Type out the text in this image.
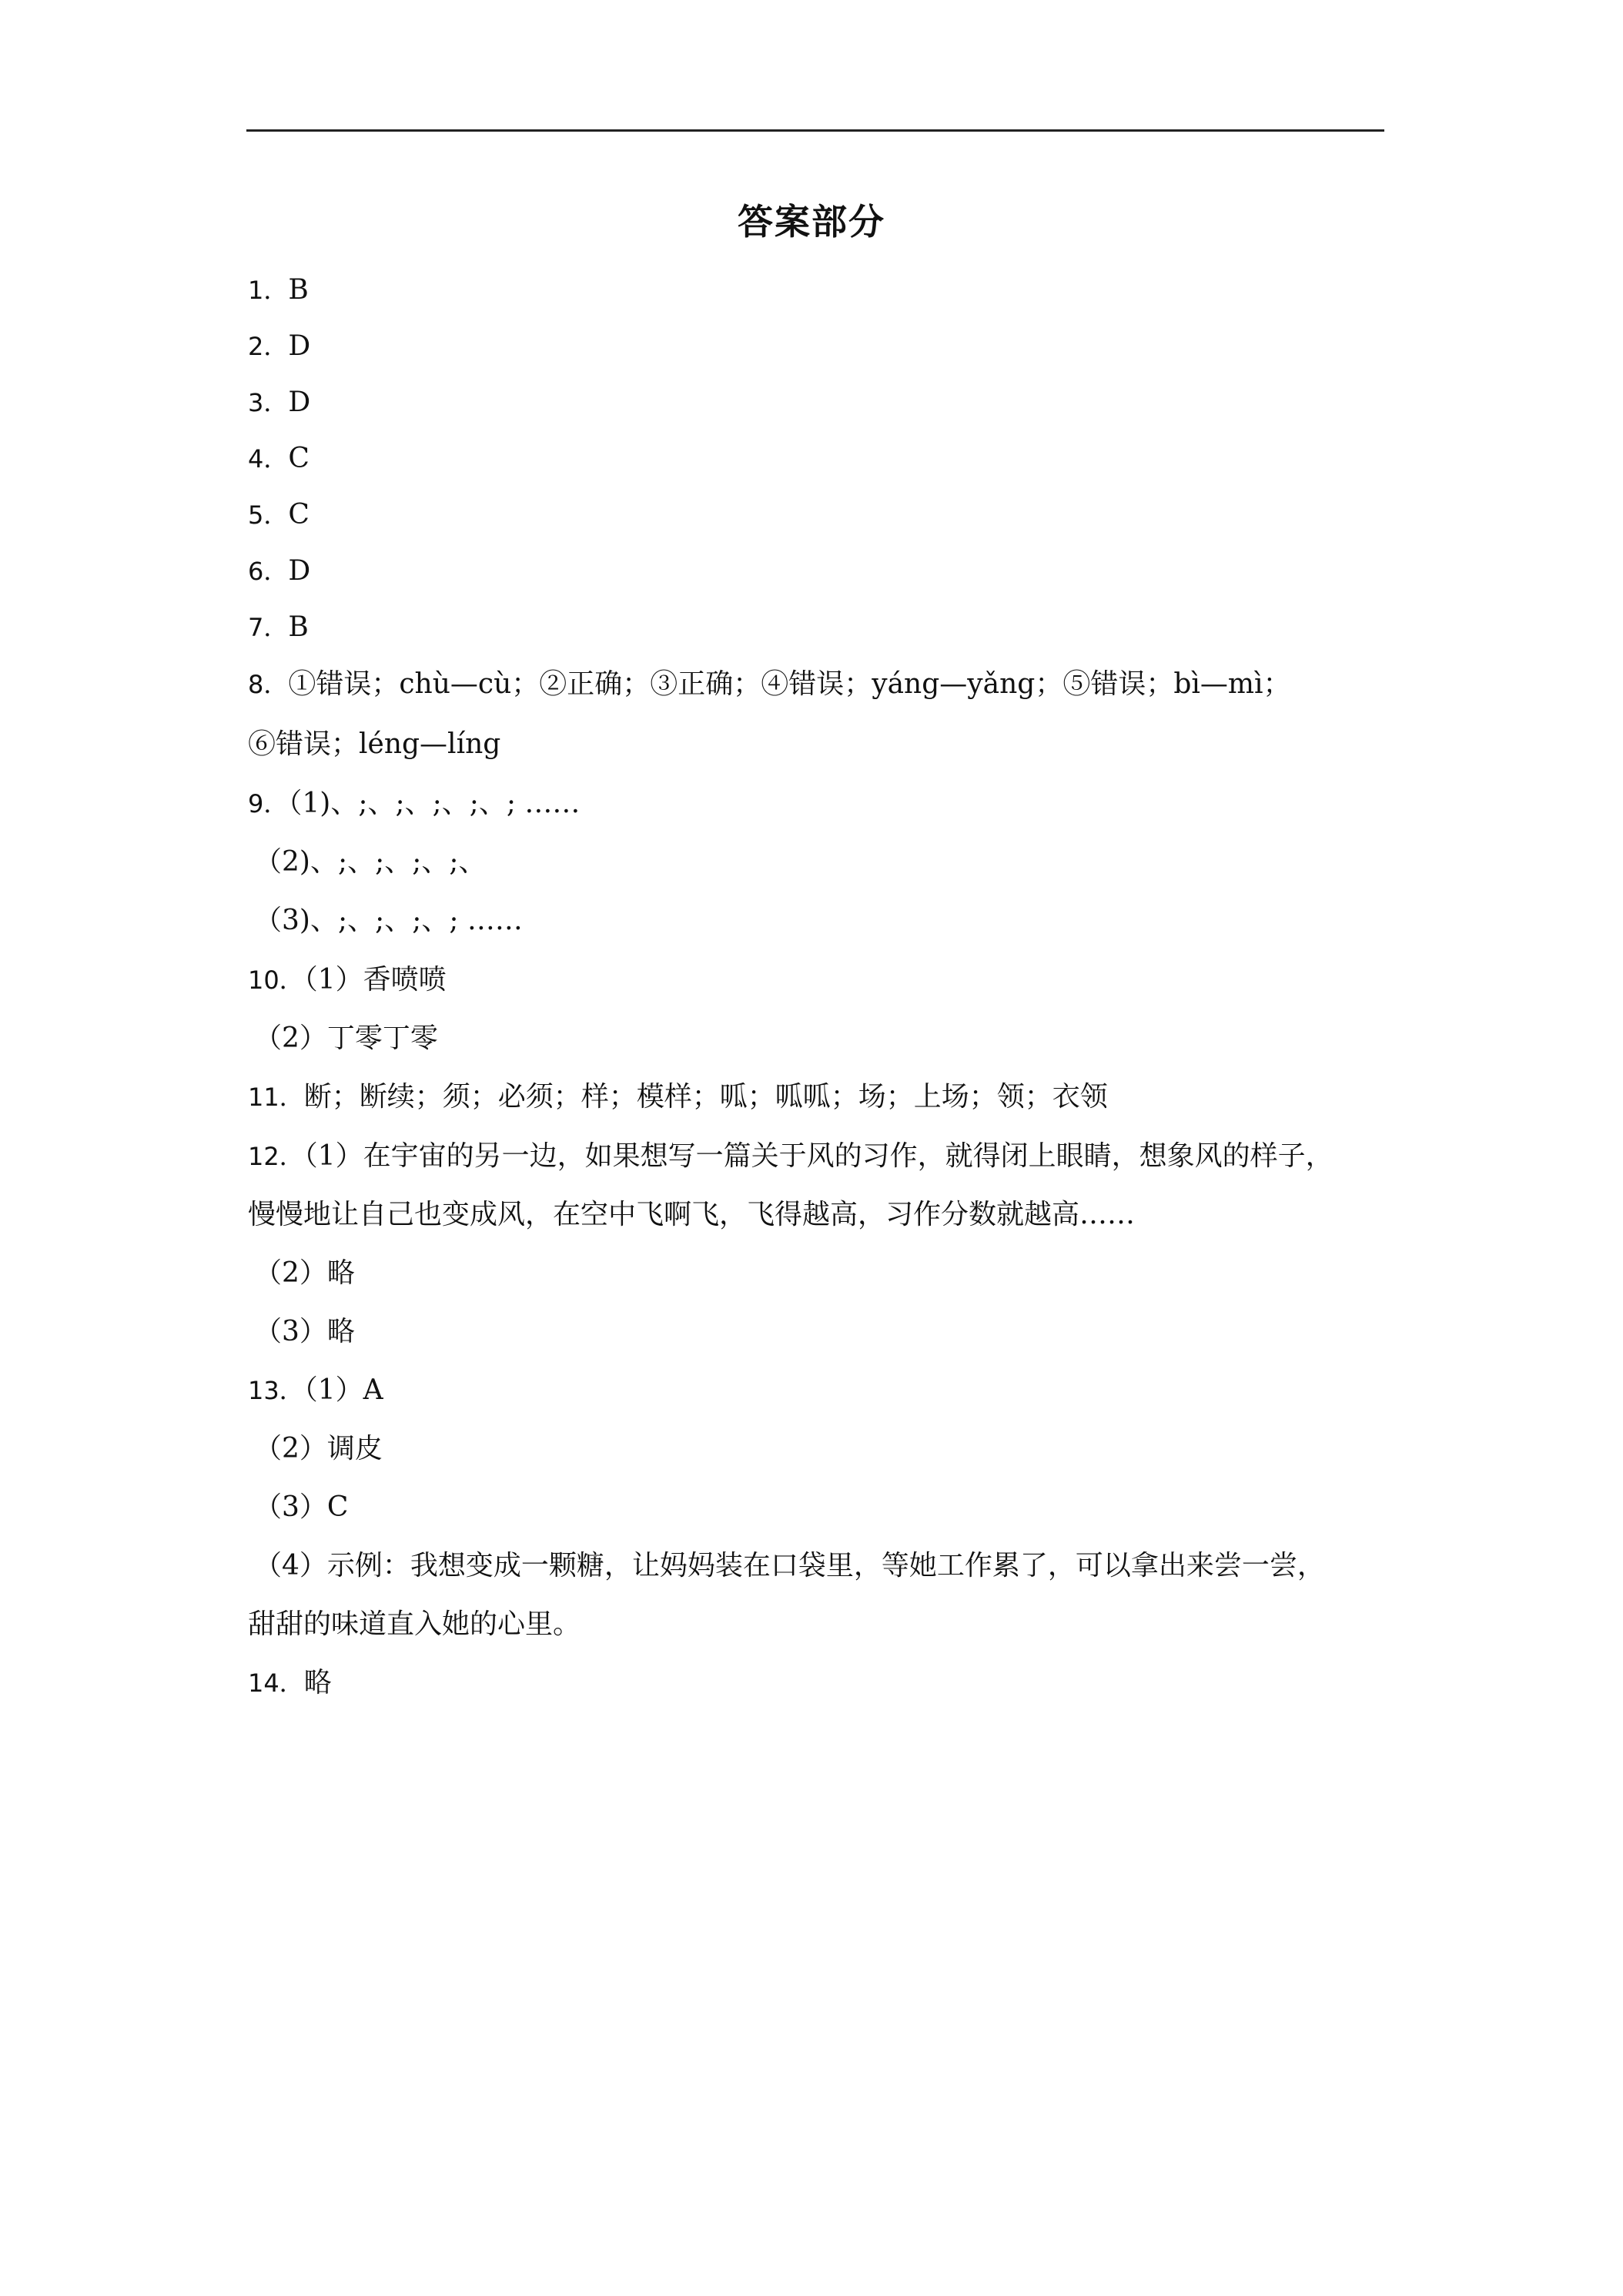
答案部分
1．B
2．D
3．D
4．C
5．C
6．D
7．B
8．①错误；chù—cù；②正确；③正确；④错误；yáng—yǎng；⑤错误；bì—mì；
⑥错误；léng—líng
9．（1)、;、;、;、;、; ……
（2)、;、;、;、;、
（3)、;、;、;、; ……
10．（1）香喷喷
（2）丁零丁零
11．断；断续；须；必须；样；模样；呱；呱呱；场；上场；领；衣领
12．（1）在宇宙的另一边，如果想写一篇关于风的习作，就得闭上眼睛，想象风的样子，
慢慢地让自己也变成风，在空中飞啊飞，飞得越高，习作分数就越高……
（2）略
（3）略
13．（1）A
（2）调皮
（3）C
（4）示例：我想变成一颗糖，让妈妈装在口袋里，等她工作累了，可以拿出来尝一尝，
甜甜的味道直入她的心里。
14．略
